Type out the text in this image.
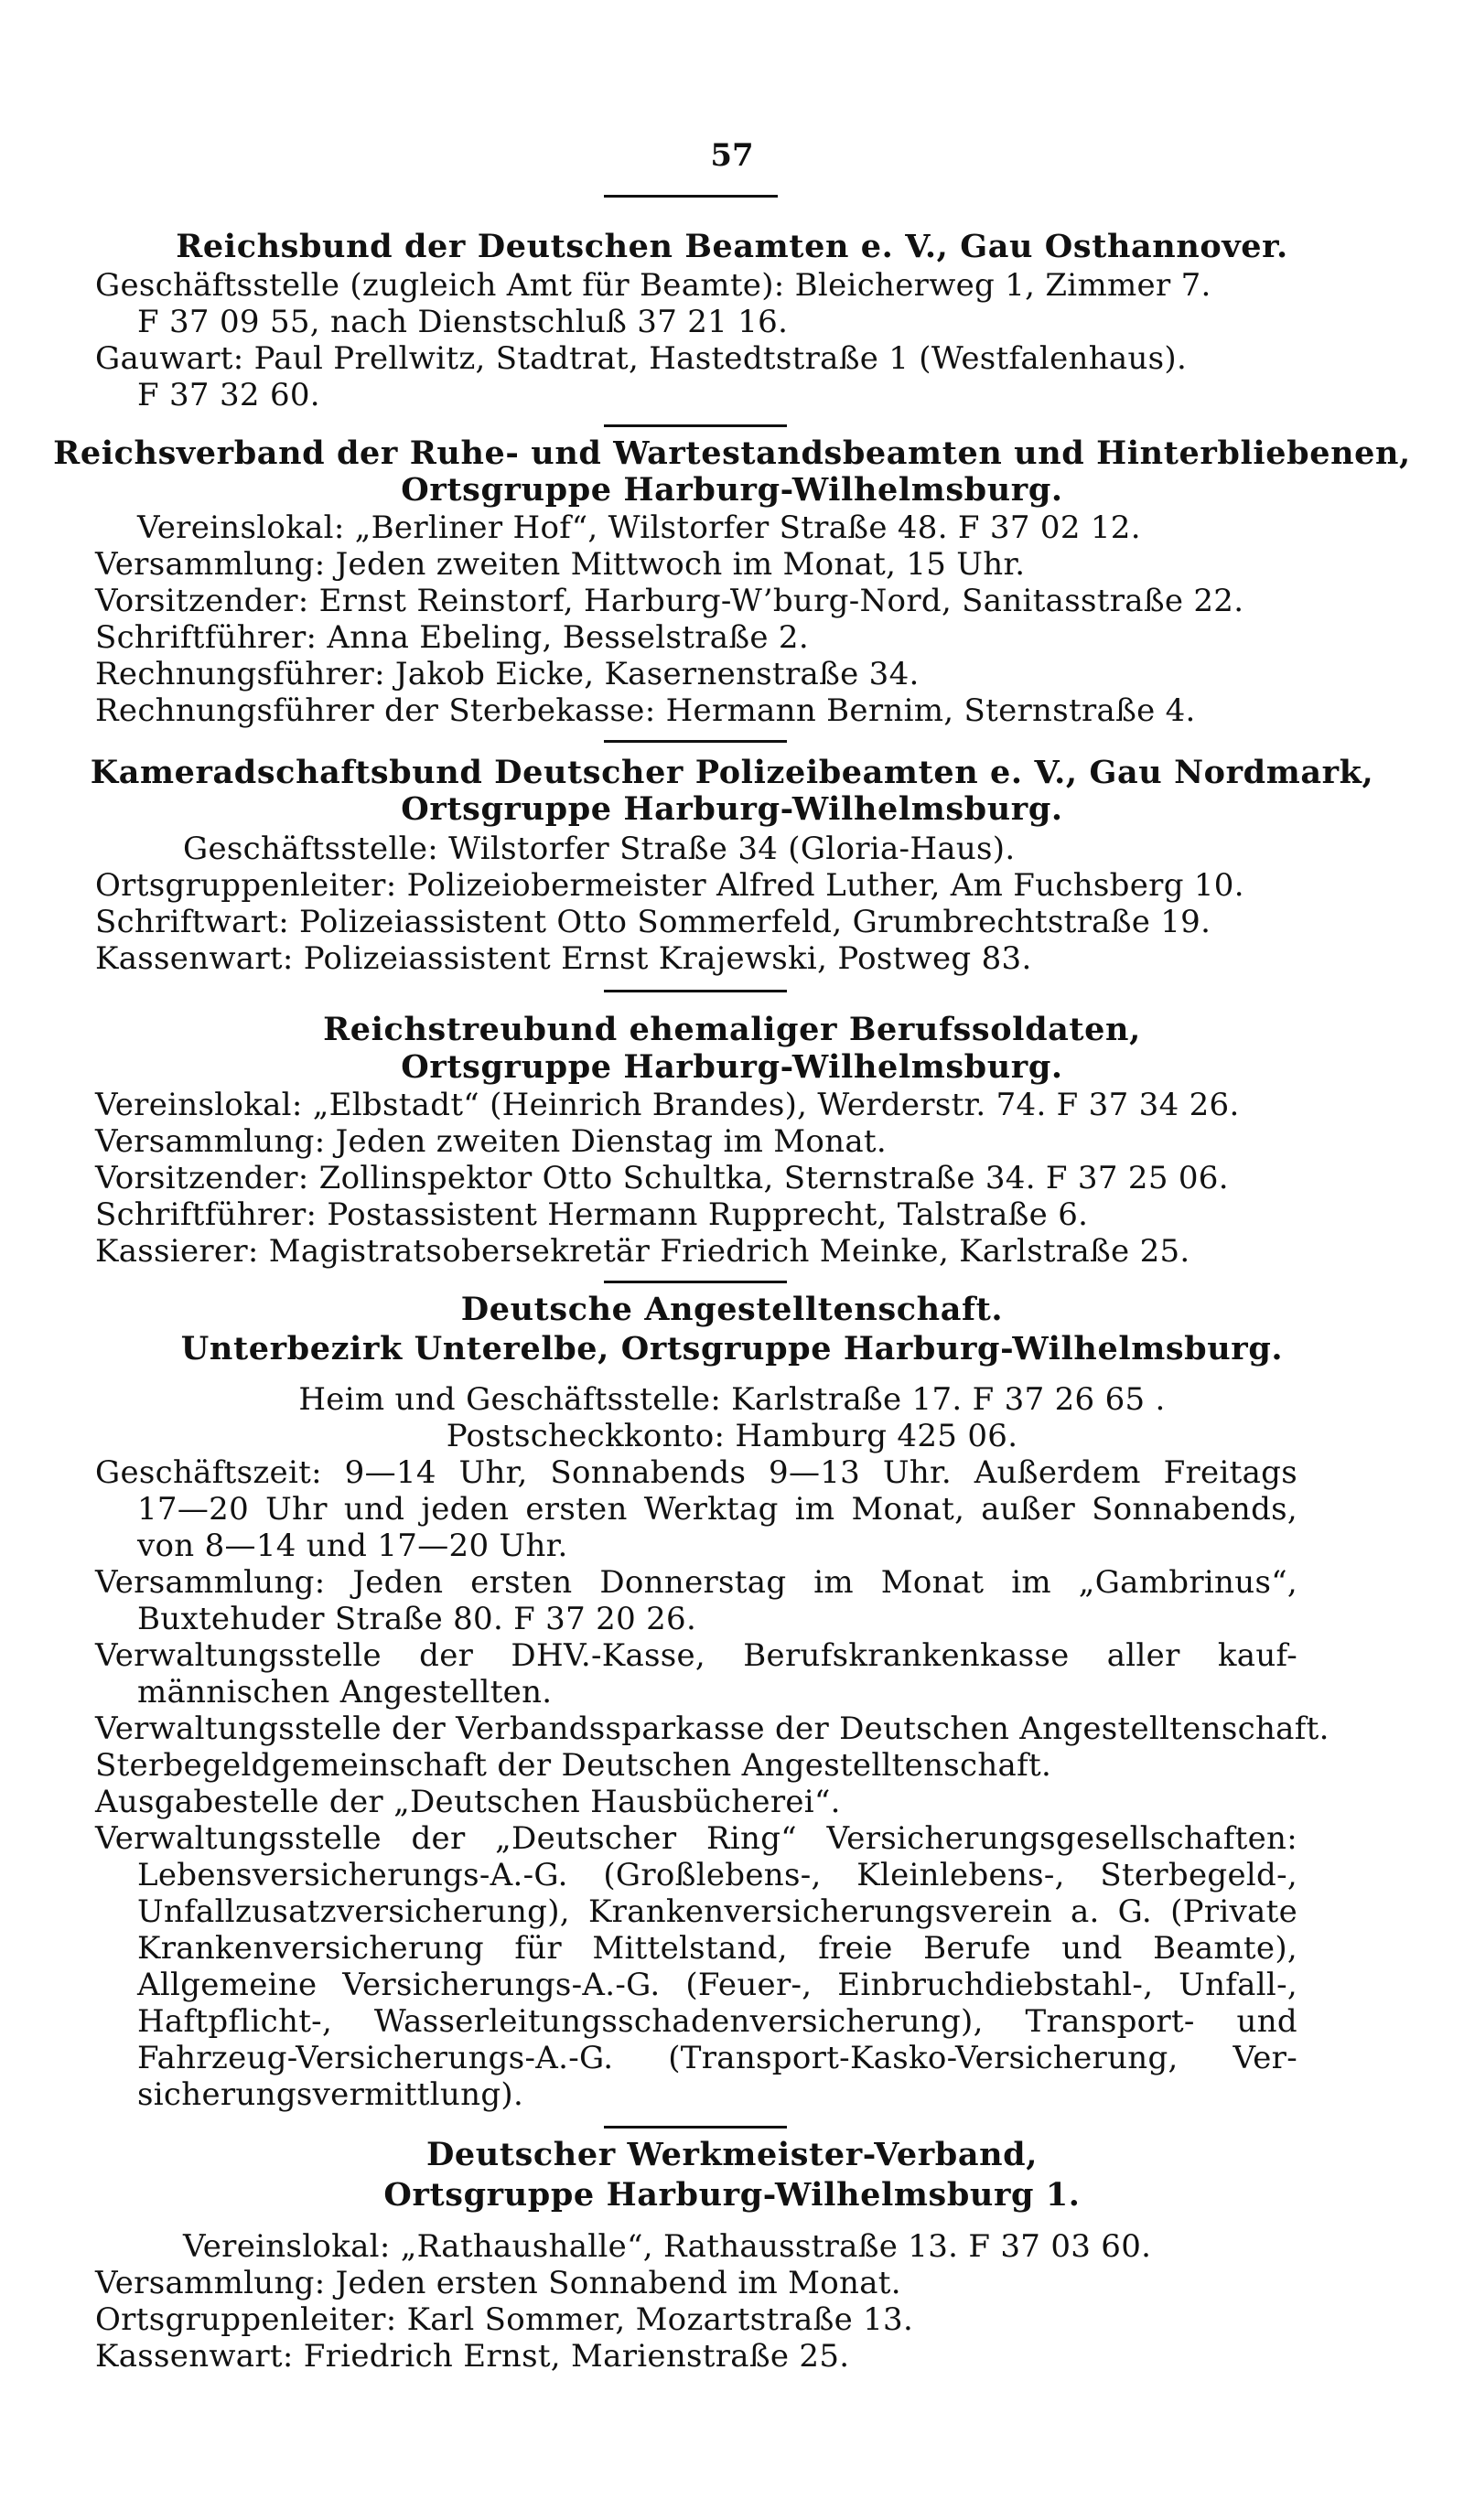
57
Reichsbund der Deutschen Beamten e. V., Gau Osthannover.
Geschäftsstelle (zugleich Amt für Beamte): Bleicherweg 1, Zimmer 7.
F 37 09 55, nach Dienstschluß 37 21 16.
Gauwart: Paul Prellwitz, Stadtrat, Hastedtstraße 1 (Westfalenhaus).
F 37 32 60.
Reichsverband der Ruhe- und Wartestandsbeamten und Hinterbliebenen,
Ortsgruppe Harburg-Wilhelmsburg.
Vereinslokal: „Berliner Hof“, Wilstorfer Straße 48. F 37 02 12.
Versammlung: Jeden zweiten Mittwoch im Monat, 15 Uhr.
Vorsitzender: Ernst Reinstorf, Harburg-W’burg-Nord, Sanitasstraße 22.
Schriftführer: Anna Ebeling, Besselstraße 2.
Rechnungsführer: Jakob Eicke, Kasernenstraße 34.
Rechnungsführer der Sterbekasse: Hermann Bernim, Sternstraße 4.
Kameradschaftsbund Deutscher Polizeibeamten e. V., Gau Nordmark,
Ortsgruppe Harburg-Wilhelmsburg.
Geschäftsstelle: Wilstorfer Straße 34 (Gloria-Haus).
Ortsgruppenleiter: Polizeiobermeister Alfred Luther, Am Fuchsberg 10.
Schriftwart: Polizeiassistent Otto Sommerfeld, Grumbrechtstraße 19.
Kassenwart: Polizeiassistent Ernst Krajewski, Postweg 83.
Reichstreubund ehemaliger Berufssoldaten,
Ortsgruppe Harburg-Wilhelmsburg.
Vereinslokal: „Elbstadt“ (Heinrich Brandes), Werderstr. 74. F 37 34 26.
Versammlung: Jeden zweiten Dienstag im Monat.
Vorsitzender: Zollinspektor Otto Schultka, Sternstraße 34. F 37 25 06.
Schriftführer: Postassistent Hermann Rupprecht, Talstraße 6.
Kassierer: Magistratsobersekretär Friedrich Meinke, Karlstraße 25.
Deutsche Angestelltenschaft.
Unterbezirk Unterelbe, Ortsgruppe Harburg-Wilhelmsburg.
Heim und Geschäftsstelle: Karlstraße 17. F 37 26 65 .
Postscheckkonto: Hamburg 425 06.
Geschäftszeit: 9—14 Uhr, Sonnabends 9—13 Uhr. Außerdem Freitags
17—20 Uhr und jeden ersten Werktag im Monat, außer Sonnabends,
von 8—14 und 17—20 Uhr.
Versammlung: Jeden ersten Donnerstag im Monat im „Gambrinus“,
Buxtehuder Straße 80. F 37 20 26.
Verwaltungsstelle der DHV.-Kasse, Berufskrankenkasse aller kauf-
männischen Angestellten.
Verwaltungsstelle der Verbandssparkasse der Deutschen Angestelltenschaft.
Sterbegeldgemeinschaft der Deutschen Angestelltenschaft.
Ausgabestelle der „Deutschen Hausbücherei“.
Verwaltungsstelle der „Deutscher Ring“ Versicherungsgesellschaften:
Lebensversicherungs-A.-G. (Großlebens-, Kleinlebens-, Sterbegeld-,
Unfallzusatzversicherung), Krankenversicherungsverein a. G. (Private
Krankenversicherung für Mittelstand, freie Berufe und Beamte),
Allgemeine Versicherungs-A.-G. (Feuer-, Einbruchdiebstahl-, Unfall-,
Haftpflicht-, Wasserleitungsschadenversicherung), Transport- und
Fahrzeug-Versicherungs-A.-G. (Transport-Kasko-Versicherung, Ver-
sicherungsvermittlung).
Deutscher Werkmeister-Verband,
Ortsgruppe Harburg-Wilhelmsburg 1.
Vereinslokal: „Rathaushalle“, Rathausstraße 13. F 37 03 60.
Versammlung: Jeden ersten Sonnabend im Monat.
Ortsgruppenleiter: Karl Sommer, Mozartstraße 13.
Kassenwart: Friedrich Ernst, Marienstraße 25.
